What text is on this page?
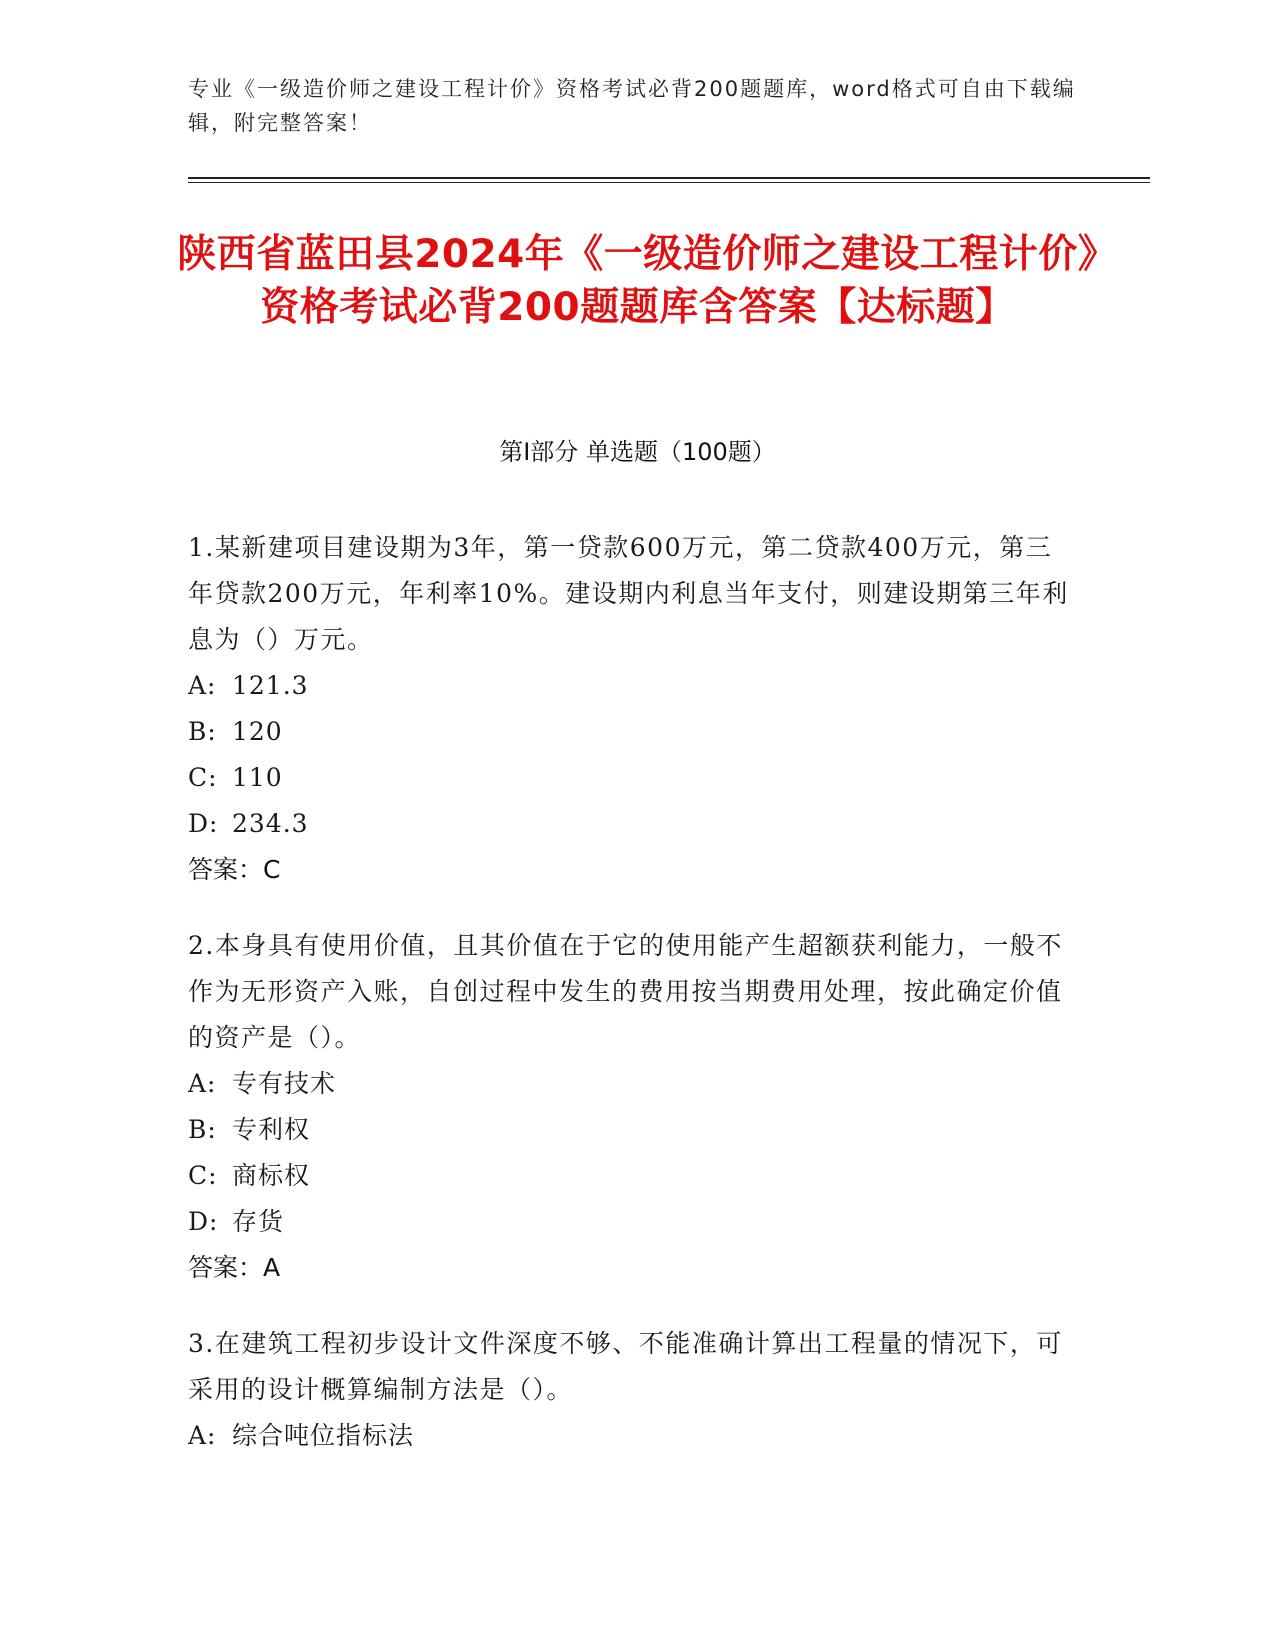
专业《一级造价师之建设工程计价》资格考试必背200题题库，word格式可自由下载编辑，附完整答案！
陕西省蓝田县2024年《一级造价师之建设工程计价》资格考试必背200题题库含答案【达标题】
第I部分 单选题（100题）
1.某新建项目建设期为3年，第一贷款600万元，第二贷款400万元，第三年贷款200万元，年利率10%。建设期内利息当年支付，则建设期第三年利息为（）万元。
A: 121.3
B: 120
C: 110
D: 234.3
答案：C
2.本身具有使用价值，且其价值在于它的使用能产生超额获利能力，一般不作为无形资产入账，自创过程中发生的费用按当期费用处理，按此确定价值的资产是（）。
A: 专有技术
B: 专利权
C: 商标权
D: 存货
答案：A
3.在建筑工程初步设计文件深度不够、不能准确计算出工程量的情况下，可采用的设计概算编制方法是（）。
A: 综合吨位指标法
